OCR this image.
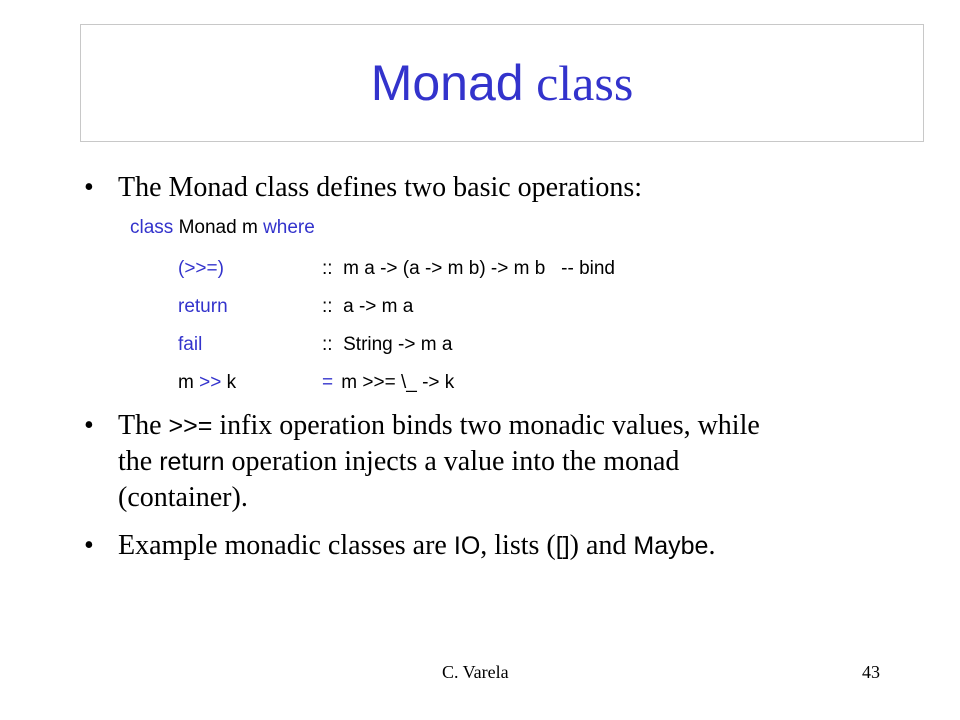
Monad class
• The Monad class defines two basic operations:
class Monad m where
(>>=)	::  m a -> (a -> m b) -> m b   -- bind
return	::  a -> m a
fail	::  String -> m a
m >> k	= m >>= \_ -> k
• The >>= infix operation binds two monadic values, while
the return operation injects a value into the monad
(container).
• Example monadic classes are IO, lists ([]) and Maybe.
C. Varela	43
